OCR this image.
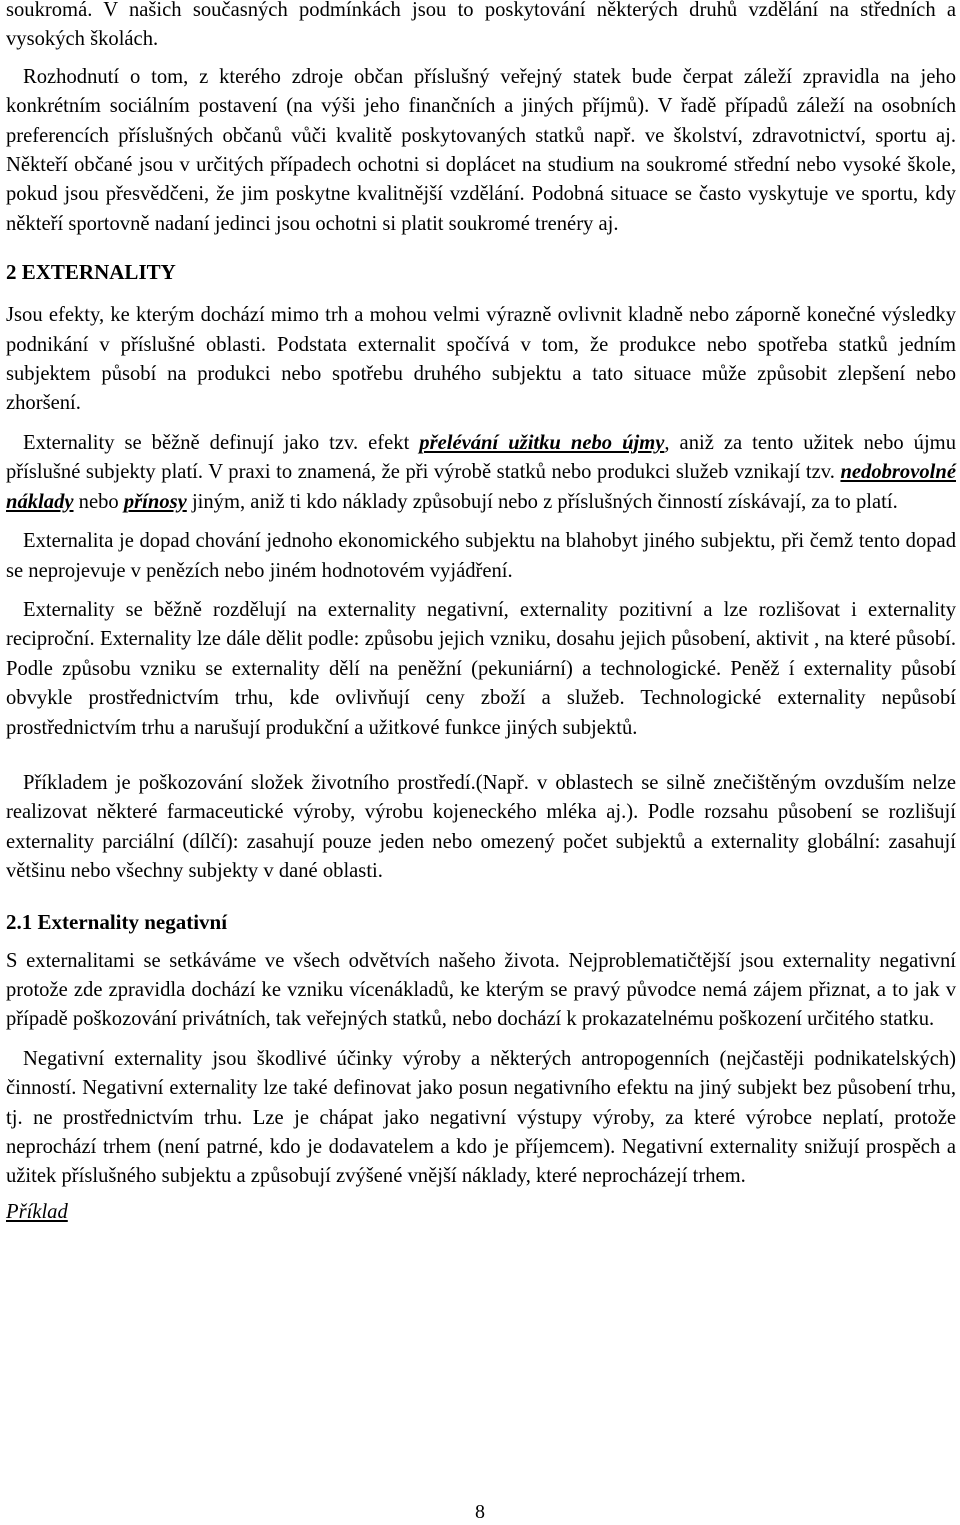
soukromá. V našich současných podmínkách jsou to poskytování některých druhů vzdělání na středních a vysokých školách.

Rozhodnutí o tom, z kterého zdroje občan příslušný veřejný statek bude čerpat záleží zpravidla na jeho konkrétním sociálním postavení (na výši jeho finančních a jiných příjmů). V řadě případů záleží na osobních preferencích příslušných občanů vůči kvalitě poskytovaných statků např. ve školství, zdravotnictví, sportu aj. Někteří občané jsou v určitých případech ochotni si doplácet na studium na soukromé střední nebo vysoké škole, pokud jsou přesvědčeni, že jim poskytne kvalitnější vzdělání. Podobná situace se často vyskytuje ve sportu, kdy někteří sportovně nadaní jedinci jsou ochotni si platit soukromé trenéry aj.

2 EXTERNALITY

Jsou efekty, ke kterým dochází mimo trh a mohou velmi výrazně ovlivnit kladně nebo záporně konečné výsledky podnikání v příslušné oblasti. Podstata externalit spočívá v tom, že produkce nebo spotřeba statků jedním subjektem působí na produkci nebo spotřebu druhého subjektu a tato situace může způsobit zlepšení nebo zhoršení.

Externality se běžně definují jako tzv. efekt přelévání užitku nebo újmy, aniž za tento užitek nebo újmu příslušné subjekty platí. V praxi to znamená, že při výrobě statků nebo produkci služeb vznikají tzv. nedobrovolné náklady nebo přínosy jiným, aniž ti kdo náklady způsobují nebo z příslušných činností získávají, za to platí.

Externalita je dopad chování jednoho ekonomického subjektu na blahobyt jiného subjektu, při čemž tento dopad se neprojevuje v penězích nebo jiném hodnotovém vyjádření.

Externality se běžně rozdělují na externality negativní, externality pozitivní a lze rozlišovat i externality reciproční. Externality lze dále dělit podle: způsobu jejich vzniku, dosahu jejich působení, aktivit , na které působí. Podle způsobu vzniku se externality dělí na peněžní (pekuniární) a technologické. Peněž í externality působí obvykle prostřednictvím trhu, kde ovlivňují ceny zboží a služeb. Technologické externality nepůsobí prostřednictvím trhu a narušují produkční a užitkové funkce jiných subjektů.

Příkladem je poškozování složek životního prostředí.(Např. v oblastech se silně znečištěným ovzduším nelze realizovat některé farmaceutické výroby, výrobu kojeneckého mléka aj.). Podle rozsahu působení se rozlišují externality parciální (dílčí): zasahují pouze jeden nebo omezený počet subjektů a externality globální: zasahují většinu nebo všechny subjekty v dané oblasti.

2.1 Externality negativní

S externalitami se setkáváme ve všech odvětvích našeho života. Nejproblematičtější jsou externality negativní protože zde zpravidla dochází ke vzniku vícenákladů, ke kterým se pravý původce nemá zájem přiznat, a to jak v případě poškozování privátních, tak veřejných statků, nebo dochází k prokazatelnému poškození určitého statku.

Negativní externality jsou škodlivé účinky výroby a některých antropogenních (nejčastěji podnikatelských) činností. Negativní externality lze také definovat jako posun negativního efektu na jiný subjekt bez působení trhu, tj. ne prostřednictvím trhu. Lze je chápat jako negativní výstupy výroby, za které výrobce neplatí, protože neprochází trhem (není patrné, kdo je dodavatelem a kdo je příjemcem). Negativní externality snižují prospěch a užitek příslušného subjektu a způsobují zvýšené vnější náklady, které neprocházejí trhem.

Příklad

8
